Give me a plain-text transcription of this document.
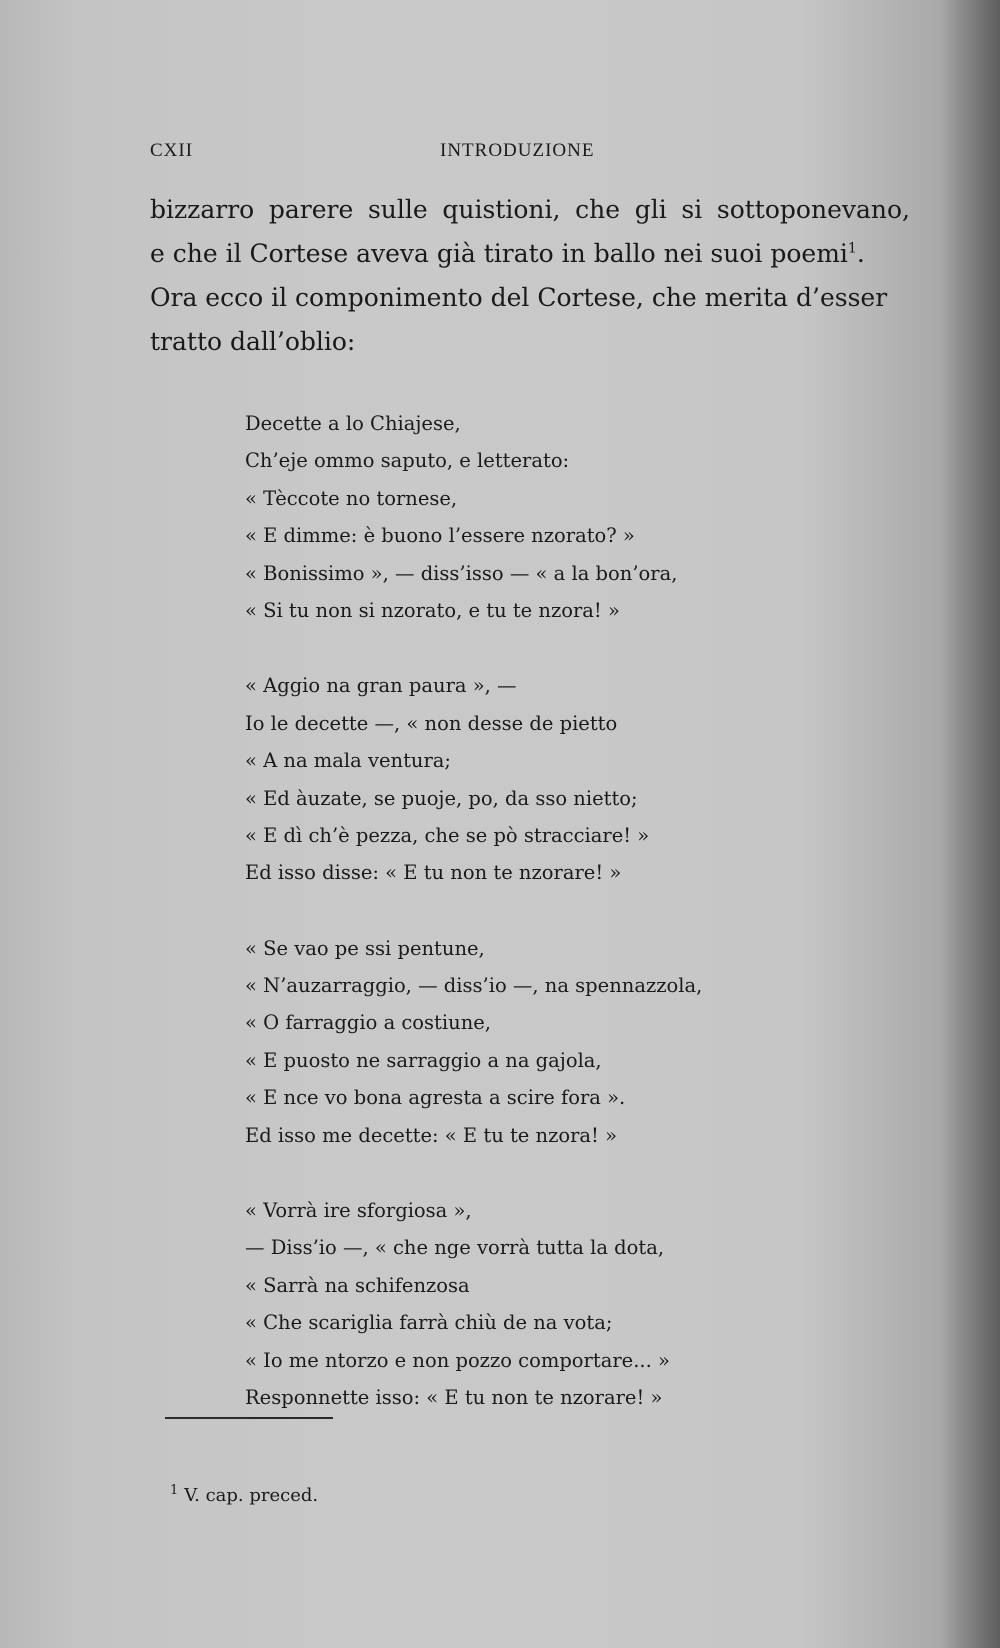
CXII	INTRODUZIONE
bizzarro parere sulle quistioni, che gli si sottoponevano,
e che il Cortese aveva già tirato in ballo nei suoi poemi$^1$.
Ora ecco il componimento del Cortese, che merita d’esser
tratto dall’oblio:
Decette a lo Chiajese,
Ch’eje ommo saputo, e letterato:
« Tèccote no tornese,
« E dimme: è buono l’essere nzorato? »
« Bonissimo », — diss’isso — « a la bon’ora,
« Si tu non si nzorato, e tu te nzora! »
« Aggio na gran paura », —
Io le decette —, « non desse de pietto
« A na mala ventura;
« Ed àuzate, se puoje, po, da sso nietto;
« E dì ch’è pezza, che se pò stracciare! »
Ed isso disse: « E tu non te nzorare! »
« Se vao pe ssi pentune,
« N’auzarraggio, — diss’io —, na spennazzola,
« O farraggio a costiune,
« E puosto ne sarraggio a na gajola,
« E nce vo bona agresta a scire fora ».
Ed isso me decette: « E tu te nzora! »
« Vorrà ire sforgiosa »,
— Diss’io —, « che nge vorrà tutta la dota,
« Sarrà na schifenzosa
« Che scariglia farrà chiù de na vota;
« Io me ntorzo e non pozzo comportare... »
Responnette isso: « E tu non te nzorare! »
$^1$ V. cap. preced.
